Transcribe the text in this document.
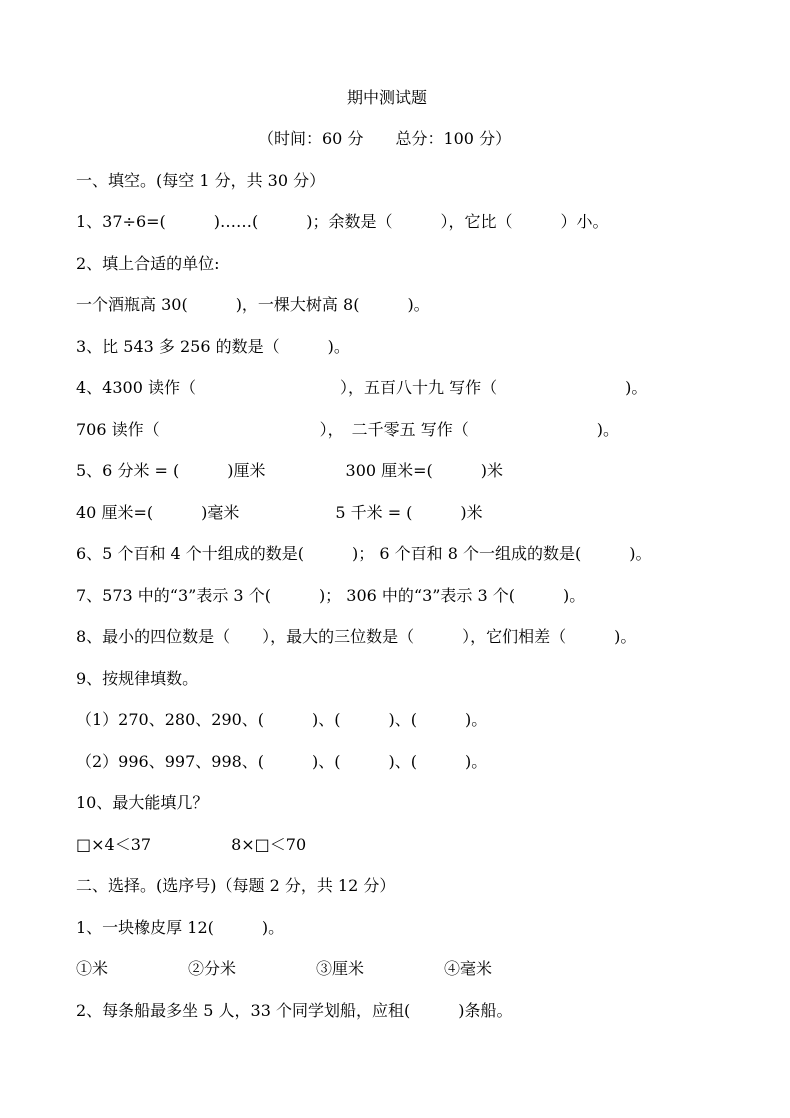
期中测试题
（时间：60 分　　总分：100 分）
一、填空。(每空 1 分，共 30 分）
1、37÷6=(　　　)……(　　　)；余数是（　　　），它比（　　　）小。
2、填上合适的单位:
一个酒瓶高 30(　　　)，一棵大树高 8(　　　)。
3、比 543 多 256 的数是（　　　)。
4、4300 读作（　　　　　　　　　），五百八十九 写作（　　　　　　　　)。
706 读作（　　　　　　　　　　），　二千零五 写作（　　　　　　　　)。
5、6 分米 = (　　　)厘米　　　　　300 厘米=(　　　)米
40 厘米=(　　　)毫米　　　　　　5 千米 = (　　　)米
6、5 个百和 4 个十组成的数是(　　　)； 6 个百和 8 个一组成的数是(　　　)。
7、573 中的“3”表示 3 个(　　　)； 306 中的“3”表示 3 个(　　　)。
8、最小的四位数是（　　），最大的三位数是（　　　），它们相差（　　　)。
9、按规律填数。
（1）270、280、290、(　　　)、(　　　)、(　　　)。
（2）996、997、998、(　　　)、(　　　)、(　　　)。
10、最大能填几？
□×4＜37　　　　　8×□＜70
二、选择。(选序号)（每题 2 分，共 12 分）
1、一块橡皮厚 12(　　　)。
①米　　　　　②分米　　　　　③厘米　　　　　④毫米
2、每条船最多坐 5 人，33 个同学划船，应租(　　　)条船。
